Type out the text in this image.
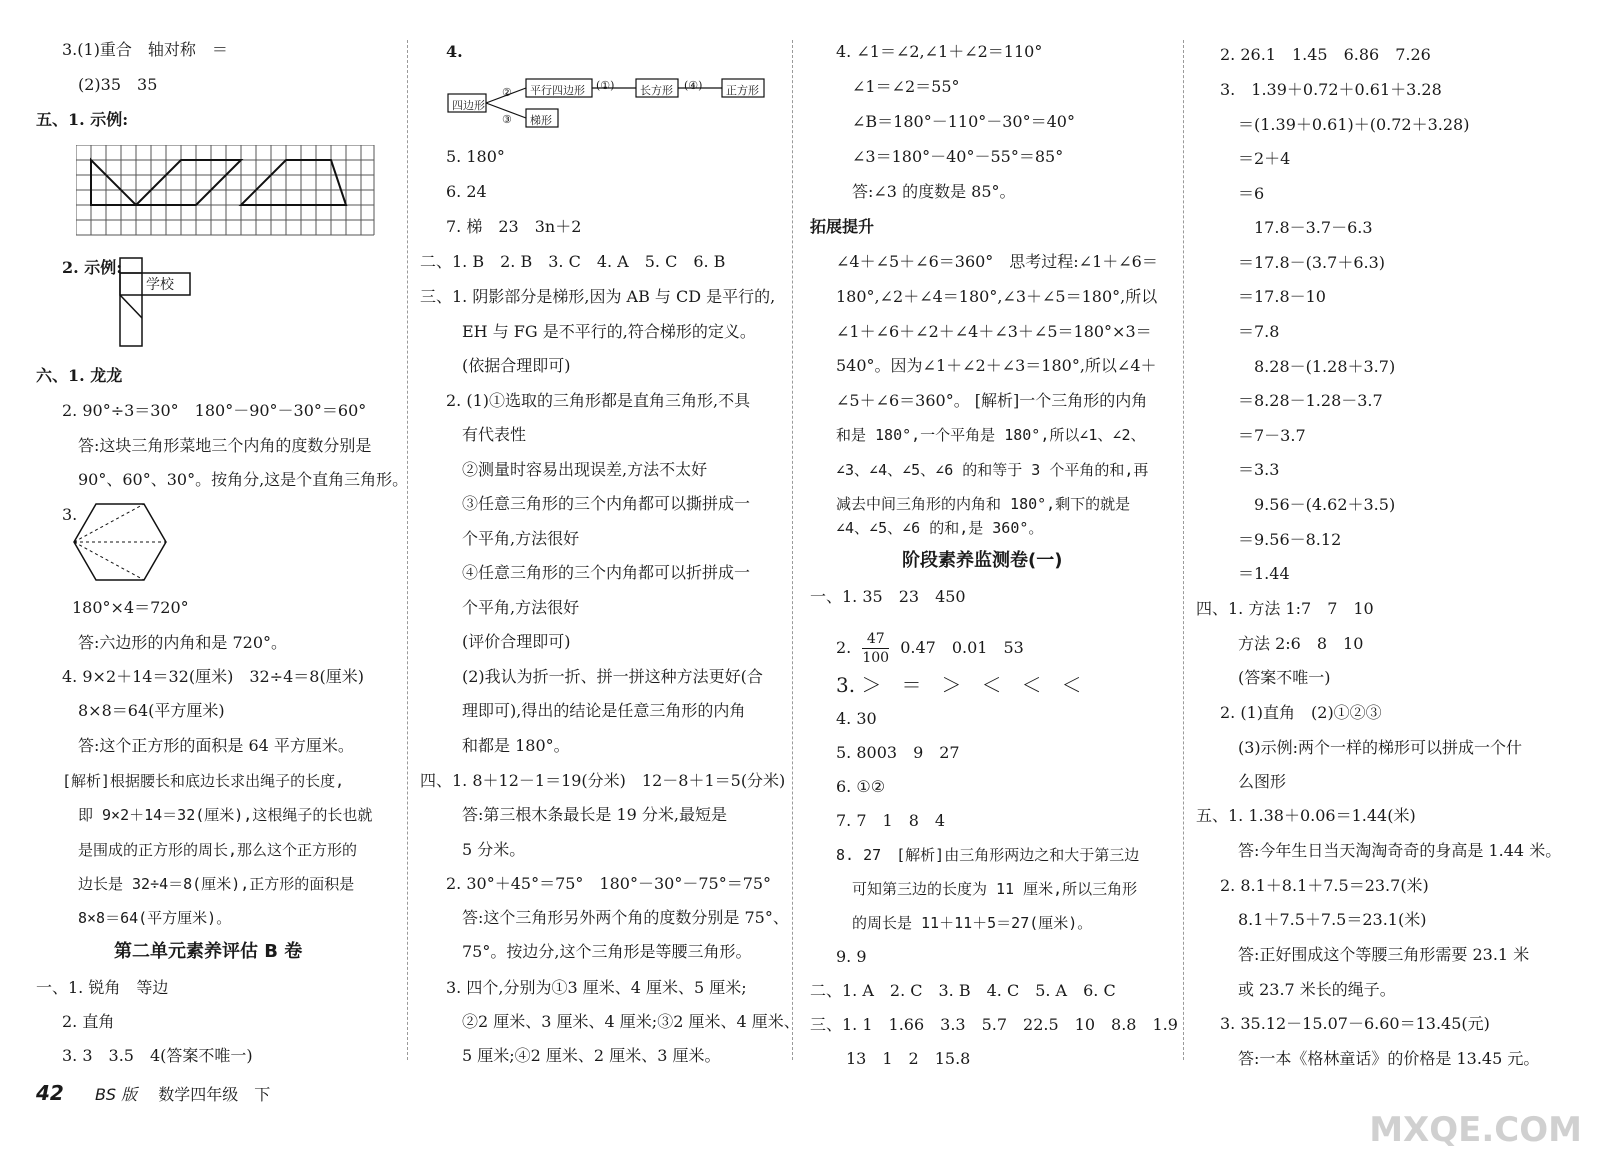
3.(1)重合　轴对称　＝
(2)35　35
五、1. 示例:
2. 示例:
学校
六、1. 龙龙
2. 90°÷3＝30°　180°－90°－30°＝60°
答:这块三角形菜地三个内角的度数分别是
90°、60°、30°。按角分,这是个直角三角形。
3.
180°×4＝720°
答:六边形的内角和是 720°。
4. 9×2＋14＝32(厘米)　32÷4＝8(厘米)
8×8＝64(平方厘米)
答:这个正方形的面积是 64 平方厘米。
[解析]根据腰长和底边长求出绳子的长度,
即 9×2＋14＝32(厘米),这根绳子的长也就
是围成的正方形的周长,那么这个正方形的
边长是 32÷4＝8(厘米),正方形的面积是
8×8＝64(平方厘米)。
第二单元素养评估 B 卷
一、1. 锐角　等边
2. 直角
3. 3　3.5　4(答案不唯一)
4.
四边形
② 平行四边形 (①) 长方形 (④) 正方形
③ 梯形
5. 180°
6. 24
7. 梯　23　3n＋2
二、1. B　2. B　3. C　4. A　5. C　6. B
三、1. 阴影部分是梯形,因为 AB 与 CD 是平行的,
EH 与 FG 是不平行的,符合梯形的定义。
(依据合理即可)
2. (1)①选取的三角形都是直角三角形,不具
有代表性
②测量时容易出现误差,方法不太好
③任意三角形的三个内角都可以撕拼成一
个平角,方法很好
④任意三角形的三个内角都可以折拼成一
个平角,方法很好
(评价合理即可)
(2)我认为折一折、拼一拼这种方法更好(合
理即可),得出的结论是任意三角形的内角
和都是 180°。
四、1. 8＋12－1＝19(分米)　12－8＋1＝5(分米)
答:第三根木条最长是 19 分米,最短是
5 分米。
2. 30°＋45°＝75°　180°－30°－75°＝75°
答:这个三角形另外两个角的度数分别是 75°、
75°。按边分,这个三角形是等腰三角形。
3. 四个,分别为①3 厘米、4 厘米、5 厘米;
②2 厘米、3 厘米、4 厘米;③2 厘米、4 厘米、
5 厘米;④2 厘米、2 厘米、3 厘米。
4. ∠1＝∠2,∠1＋∠2＝110°
∠1＝∠2＝55°
∠B＝180°－110°－30°＝40°
∠3＝180°－40°－55°＝85°
答:∠3 的度数是 85°。
拓展提升
∠4＋∠5＋∠6＝360°　思考过程:∠1＋∠6＝
180°,∠2＋∠4＝180°,∠3＋∠5＝180°,所以
∠1＋∠6＋∠2＋∠4＋∠3＋∠5＝180°×3＝
540°。因为∠1＋∠2＋∠3＝180°,所以∠4＋
∠5＋∠6＝360°。 [解析]一个三角形的内角
和是 180°,一个平角是 180°,所以∠1、∠2、
∠3、∠4、∠5、∠6 的和等于 3 个平角的和,再
减去中间三角形的内角和 180°,剩下的就是
∠4、∠5、∠6 的和,是 360°。
阶段素养监测卷(一)
一、1. 35　23　450
2. $\frac{47}{100} 0.47$　0.01　53
3. ＞　＝　＞　＜　＜　＜
4. 30
5. 8003　9　27
6. ①②
7. 7　1　8　4
8. 27　[解析]由三角形两边之和大于第三边
可知第三边的长度为 11 厘米,所以三角形
的周长是 11＋11＋5＝27(厘米)。
9. 9
二、1. A　2. C　3. B　4. C　5. A　6. C
三、1. 1　1.66　3.3　5.7　22.5　10　8.8　1.9
13　1　2　15.8
2. 26.1　1.45　6.86　7.26
3.　1.39＋0.72＋0.61＋3.28
＝(1.39＋0.61)＋(0.72＋3.28)
＝2＋4
＝6
17.8－3.7－6.3
＝17.8－(3.7＋6.3)
＝17.8－10
＝7.8
8.28－(1.28＋3.7)
＝8.28－1.28－3.7
＝7－3.7
＝3.3
9.56－(4.62＋3.5)
＝9.56－8.12
＝1.44
四、1. 方法 1:7　7　10
方法 2:6　8　10
(答案不唯一)
2. (1)直角　(2)①②③
(3)示例:两个一样的梯形可以拼成一个什
么图形
五、1. 1.38＋0.06＝1.44(米)
答:今年生日当天淘淘奇奇的身高是 1.44 米。
2. 8.1＋8.1＋7.5＝23.7(米)
8.1＋7.5＋7.5＝23.1(米)
答:正好围成这个等腰三角形需要 23.1 米
或 23.7 米长的绳子。
3. 35.12－15.07－6.60＝13.45(元)
答:一本《格林童话》的价格是 13.45 元。
42 BS 版 数学四年级　下
MXQE.COM
